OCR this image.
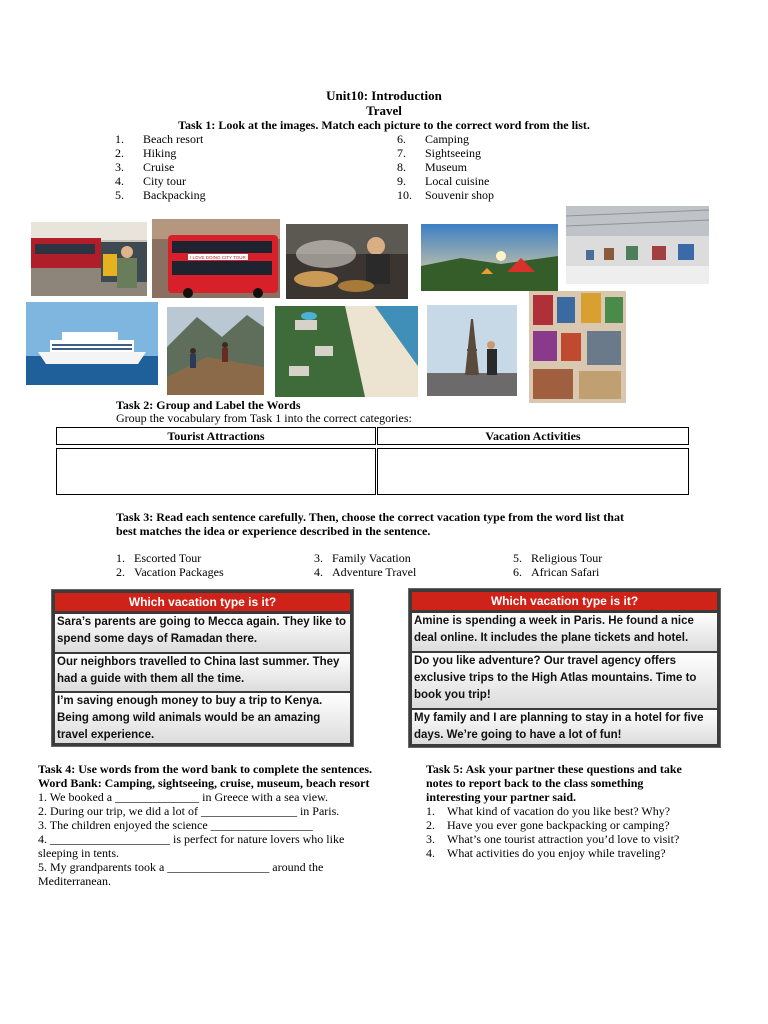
Unit10: Introduction
Travel
Task 1: Look at the images. Match each picture to the correct word from the list.
1.	Beach resort
2.	Hiking
3.	Cruise
4.	City tour
5.	Backpacking
6.	Camping
7.	Sightseeing
8.	Museum
9.	Local cuisine
10.	Souvenir shop
I LOVE DOING CITY TOUR
Task 2: Group and Label the Words
Group the vocabulary from Task 1 into the correct categories:
Tourist Attractions	Vacation Activities
Task 3: Read each sentence carefully. Then, choose the correct vacation type from the word list that
best matches the idea or experience described in the sentence.
1. Escorted Tour
2. Vacation Packages
3. Family Vacation
4. Adventure Travel
5. Religious Tour
6. African Safari
Which vacation type is it?
Sara’s parents are going to Mecca again. They like to
spend some days of Ramadan there.
Our neighbors travelled to China last summer. They
had a guide with them all the time.
I’m saving enough money to buy a trip to Kenya.
Being among wild animals would be an amazing
travel experience.
Which vacation type is it?
Amine is spending a week in Paris. He found a nice
deal online. It includes the plane tickets and hotel.
Do you like adventure? Our travel agency offers
exclusive trips to the High Atlas mountains. Time to
book you trip!
My family and I are planning to stay in a hotel for five
days. We’re going to have a lot of fun!
Task 4: Use words from the word bank to complete the sentences.
Word Bank: Camping, sightseeing, cruise, museum, beach resort
1. We booked a ______________ in Greece with a sea view.
2. During our trip, we did a lot of ________________ in Paris.
3. The children enjoyed the science _________________
4. ____________________ is perfect for nature lovers who like
sleeping in tents.
5. My grandparents took a _________________ around the
Mediterranean.
Task 5: Ask your partner these questions and take
notes to report back to the class something
interesting your partner said.
1.	What kind of vacation do you like best? Why?
2.	Have you ever gone backpacking or camping?
3.	What’s one tourist attraction you’d love to visit?
4.	What activities do you enjoy while traveling?
